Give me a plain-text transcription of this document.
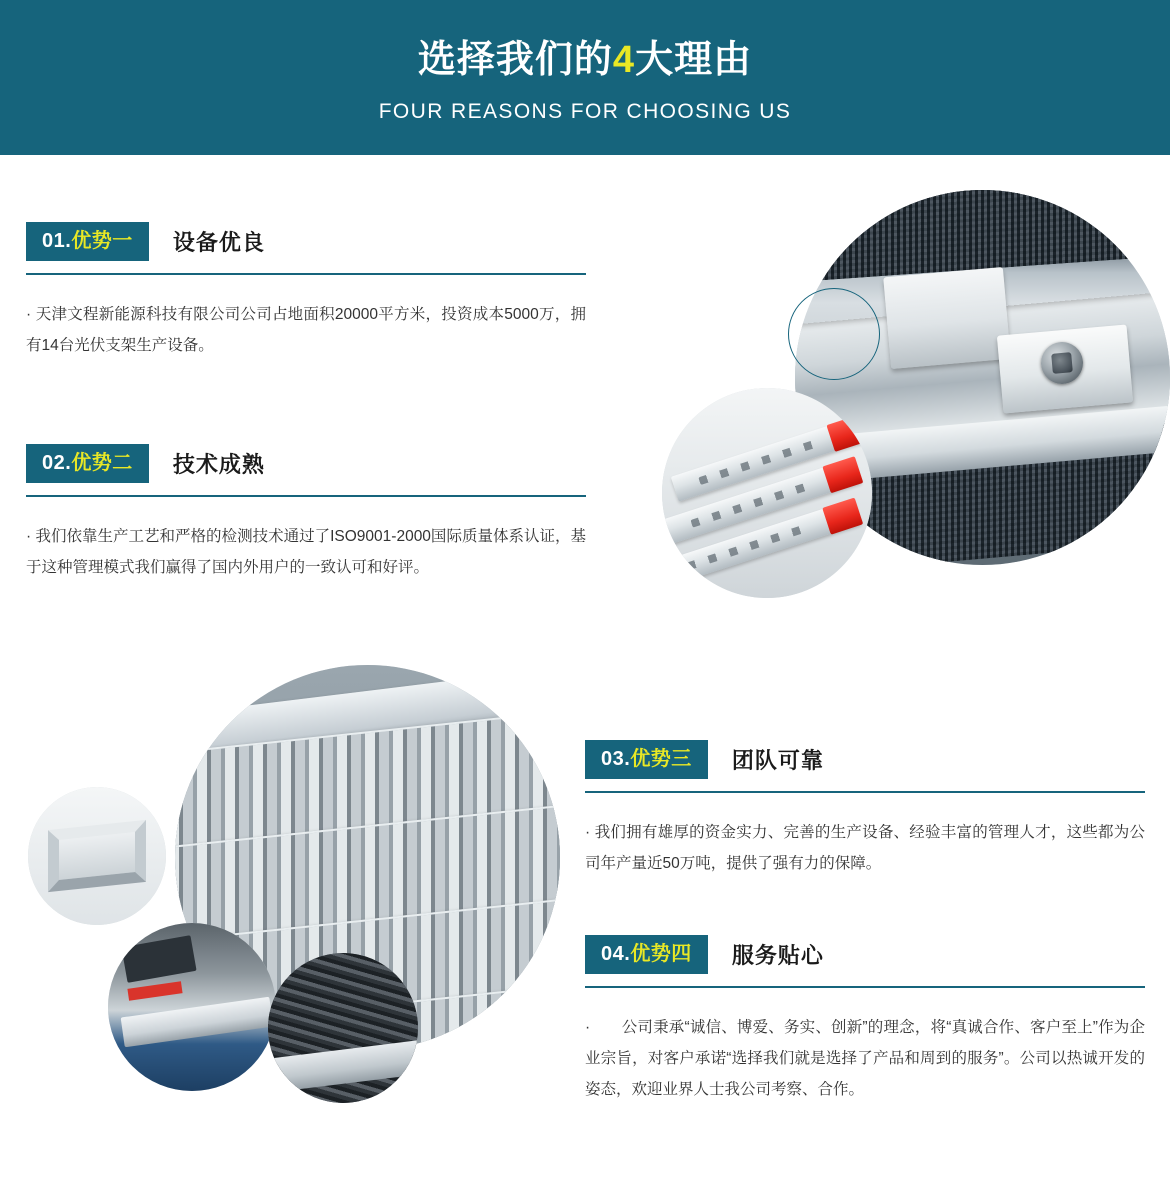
选择我们的4大理由

FOUR REASONS FOR CHOOSING US

01.优势一	设备优良
· 天津文程新能源科技有限公司公司占地面积20000平方米，投资成本5000万，拥有14台光伏支架生产设备。
02.优势二	技术成熟
· 我们依靠生产工艺和严格的检测技术通过了ISO9001-2000国际质量体系认证，基于这种管理模式我们赢得了国内外用户的一致认可和好评。
03.优势三	团队可靠
· 我们拥有雄厚的资金实力、完善的生产设备、经验丰富的管理人才，这些都为公司年产量近50万吨，提供了强有力的保障。
04.优势四	服务贴心
·　　公司秉承“诚信、博爱、务实、创新”的理念，将“真诚合作、客户至上”作为企业宗旨，对客户承诺“选择我们就是选择了产品和周到的服务”。公司以热诚开发的姿态，欢迎业界人士我公司考察、合作。
